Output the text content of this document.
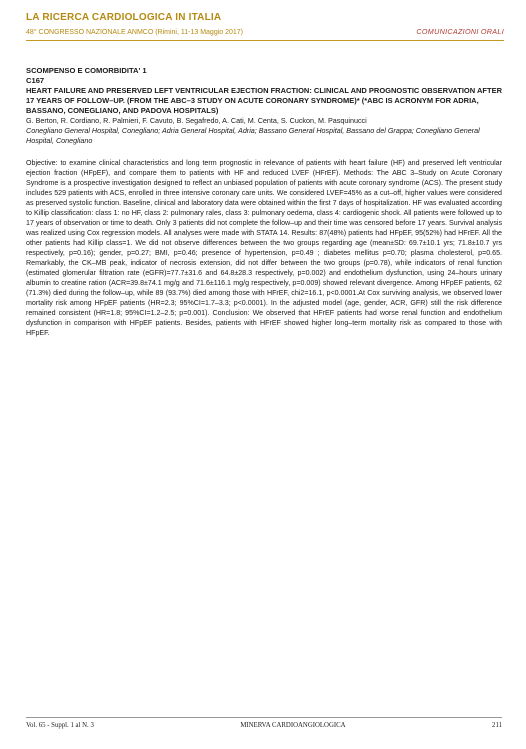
LA RICERCA CARDIOLOGICA IN ITALIA
48° CONGRESSO NAZIONALE ANMCO (Rimini, 11-13 Maggio 2017)	COMUNICAZIONI ORALI

SCOMPENSO E COMORBIDITA' 1

C167

HEART FAILURE AND PRESERVED LEFT VENTRICULAR EJECTION FRACTION: CLINICAL AND PROGNOSTIC OBSERVATION AFTER 17 YEARS OF FOLLOW–UP. (FROM THE ABC–3 STUDY ON ACUTE CORONARY SYNDROME)* (*ABC IS ACRONYM FOR ADRIA, BASSANO, CONEGLIANO, AND PADOVA HOSPITALS)

G. Berton, R. Cordiano, R. Palmieri, F. Cavuto, B. Segafredo, A. Cati, M. Centa, S. Cuckon, M. Pasquinucci

Conegliano General Hospital, Conegliano; Adria General Hospital, Adria; Bassano General Hospital, Bassano del Grappa; Conegliano General Hospital, Conegliano

Objective: to examine clinical characteristics and long term prognostic in relevance of patients with heart failure (HF) and preserved left ventricular ejection fraction (HFpEF), and compare them to patients with HF and reduced LVEF (HFrEF). Methods: The ABC 3–Study on Acute Coronary Syndrome is a prospective investigation designed to reflect an unbiased population of patients with acute coronary syndrome (ACS). The present study includes 529 patients with ACS, enrolled in three intensive coronary care units. We considered LVEF=45% as a cut–off, higher values were considered as preserved systolic function. Baseline, clinical and laboratory data were obtained within the first 7 days of hospitalization. HF was evaluated according to Killip classification: class 1: no HF, class 2: pulmonary rales, class 3: pulmonary oedema, class 4: cardiogenic shock. All patients were followed up to 17 years of observation or time to death. Only 3 patients did not complete the follow–up and their time was censored before 17 years. Survival analysis was realized using Cox regression models. All analyses were made with STATA 14. Results: 87(48%) patients had HFpEF, 95(52%) had HFrEF. All the other patients had Killip class=1. We did not observe differences between the two groups regarding age (mean±SD: 69.7±10.1 yrs; 71.8±10.7 yrs respectively, p=0.16); gender, p=0.27; BMI, p=0.46; presence of hypertension, p=0.49 ; diabetes mellitus p=0.70; plasma cholesterol, p=0.65. Remarkably, the CK–MB peak, indicator of necrosis extension, did not differ between the two groups (p=0.78), while indicators of renal function (estimated glomerular filtration rate (eGFR)=77.7±31.6 and 64.8±28.3 respectively, p=0.002) and endothelium dysfunction, using 24–hours urinary albumin to creatine ration (ACR=39.8±74.1 mg/g and 71.6±116.1 mg/g respectively, p=0.009) showed relevant divergence. Among HFpEF patients, 62 (71.3%) died during the follow–up, while 89 (93.7%) died among those with HFrEF, chi2=16.1, p<0.0001.At Cox surviving analysis, we observed lower mortality risk among HFpEF patients (HR=2.3; 95%CI=1.7–3.3; p<0.0001). In the adjusted model (age, gender, ACR, GFR) still the risk difference remained consistent (HR=1.8; 95%CI=1.2–2.5; p=0.001). Conclusion: We observed that HFrEF patients had worse renal function and endothelium dysfunction in comparison with HFpEF patients. Besides, patients with HFrEF showed higher long–term mortality risk as compared to those with HFpEF.
Vol. 65 - Suppl. 1 al N. 3	MINERVA CARDIOANGIOLOGICA	211
